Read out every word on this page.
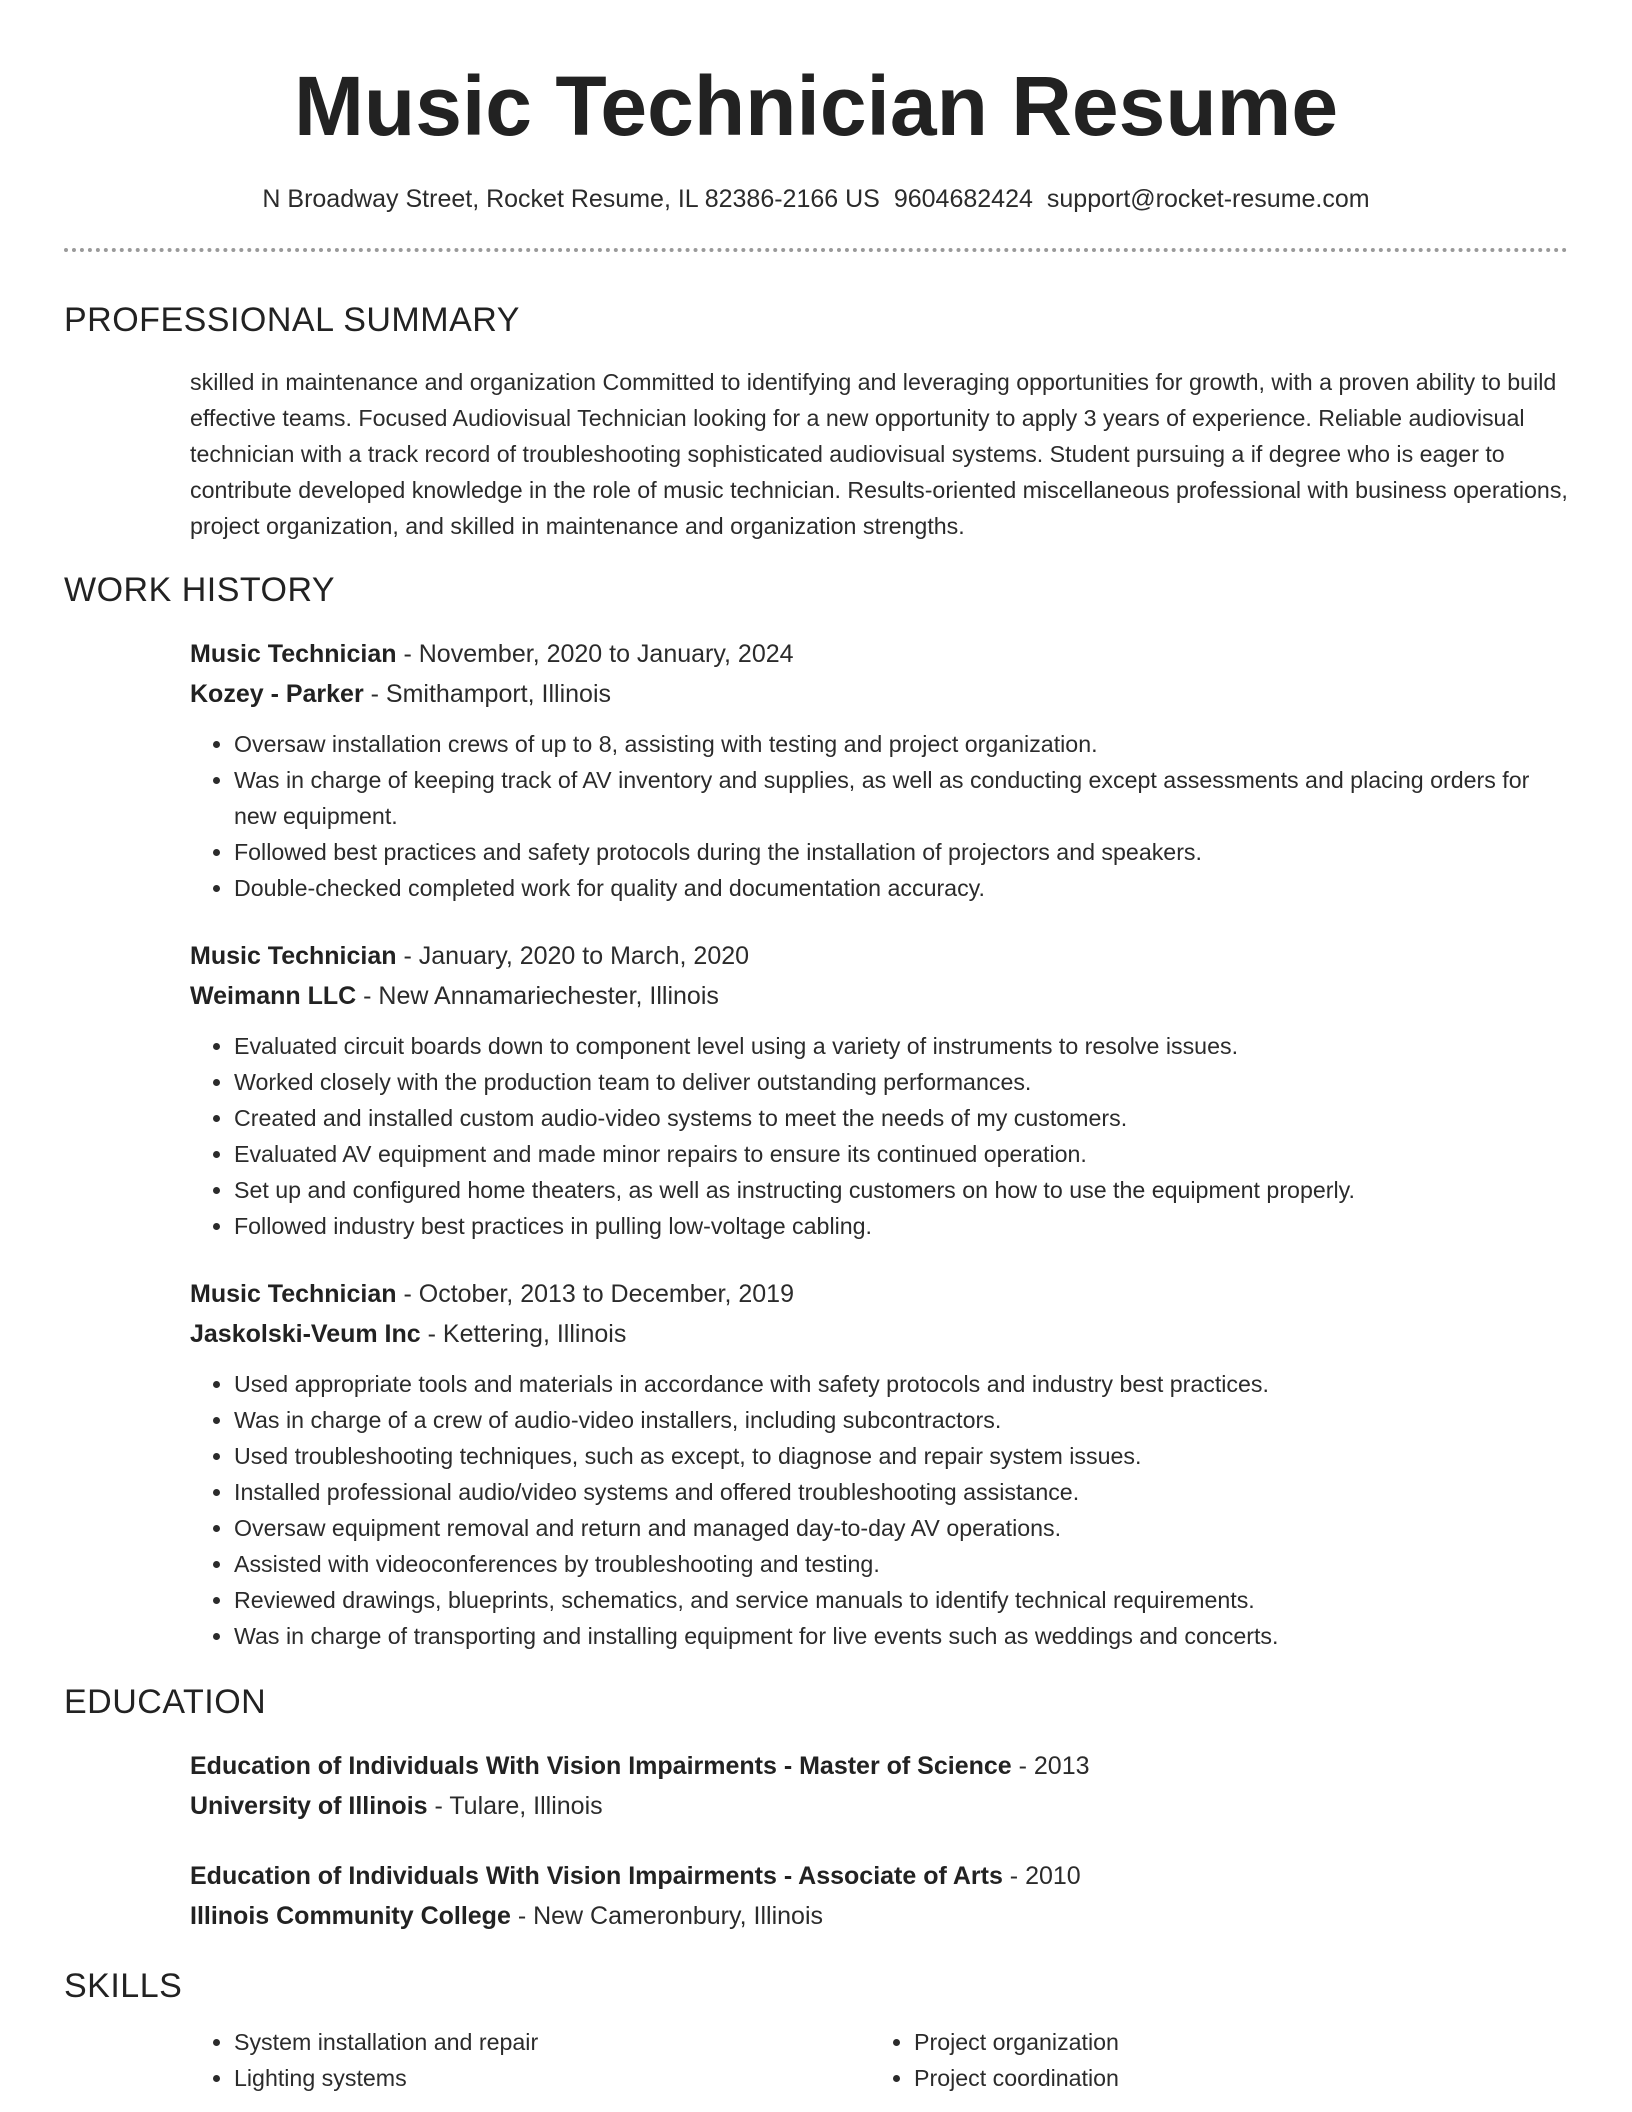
Music Technician Resume
N Broadway Street, Rocket Resume, IL 82386-2166 US 9604682424 support@rocket-resume.com
PROFESSIONAL SUMMARY

skilled in maintenance and organization Committed to identifying and leveraging opportunities for growth, with a proven ability to build effective teams. Focused Audiovisual Technician looking for a new opportunity to apply 3 years of experience. Reliable audiovisual technician with a track record of troubleshooting sophisticated audiovisual systems. Student pursuing a if degree who is eager to contribute developed knowledge in the role of music technician. Results-oriented miscellaneous professional with business operations, project organization, and skilled in maintenance and organization strengths.

WORK HISTORY
Music Technician - November, 2020 to January, 2024
Kozey - Parker - Smithamport, Illinois
• Oversaw installation crews of up to 8, assisting with testing and project organization.
• Was in charge of keeping track of AV inventory and supplies, as well as conducting except assessments and placing orders for new equipment.
• Followed best practices and safety protocols during the installation of projectors and speakers.
• Double-checked completed work for quality and documentation accuracy.
Music Technician - January, 2020 to March, 2020
Weimann LLC - New Annamariechester, Illinois
• Evaluated circuit boards down to component level using a variety of instruments to resolve issues.
• Worked closely with the production team to deliver outstanding performances.
• Created and installed custom audio-video systems to meet the needs of my customers.
• Evaluated AV equipment and made minor repairs to ensure its continued operation.
• Set up and configured home theaters, as well as instructing customers on how to use the equipment properly.
• Followed industry best practices in pulling low-voltage cabling.
Music Technician - October, 2013 to December, 2019
Jaskolski-Veum Inc - Kettering, Illinois
• Used appropriate tools and materials in accordance with safety protocols and industry best practices.
• Was in charge of a crew of audio-video installers, including subcontractors.
• Used troubleshooting techniques, such as except, to diagnose and repair system issues.
• Installed professional audio/video systems and offered troubleshooting assistance.
• Oversaw equipment removal and return and managed day-to-day AV operations.
• Assisted with videoconferences by troubleshooting and testing.
• Reviewed drawings, blueprints, schematics, and service manuals to identify technical requirements.
• Was in charge of transporting and installing equipment for live events such as weddings and concerts.
EDUCATION
Education of Individuals With Vision Impairments - Master of Science - 2013
University of Illinois - Tulare, Illinois
Education of Individuals With Vision Impairments - Associate of Arts - 2010
Illinois Community College - New Cameronbury, Illinois
SKILLS
• System installation and repair
• Lighting systems
• Project organization
• Project coordination
